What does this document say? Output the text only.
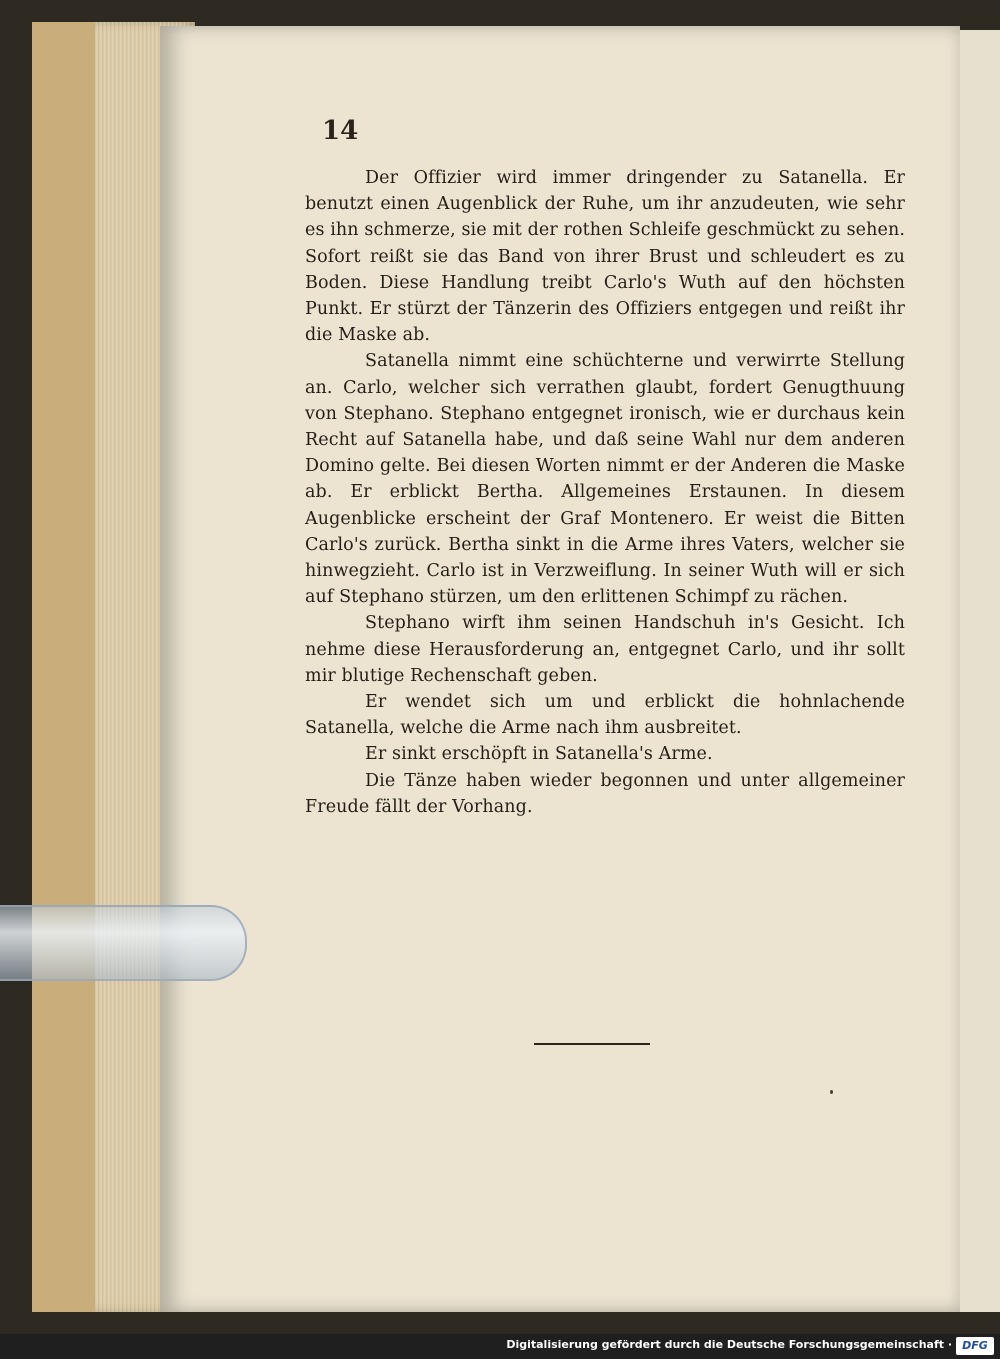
14

Der Offizier wird immer dringender zu Satanella. Er benutzt einen Augenblick der Ruhe, um ihr anzudeuten, wie sehr es ihn schmerze, sie mit der rothen Schleife geschmückt zu sehen. Sofort reißt sie das Band von ihrer Brust und schleudert es zu Boden. Diese Handlung treibt Carlo's Wuth auf den höchsten Punkt. Er stürzt der Tänzerin des Offiziers entgegen und reißt ihr die Maske ab.

Satanella nimmt eine schüchterne und verwirrte Stellung an. Carlo, welcher sich verrathen glaubt, fordert Genugthuung von Stephano. Stephano entgegnet ironisch, wie er durchaus kein Recht auf Satanella habe, und daß seine Wahl nur dem anderen Domino gelte. Bei diesen Worten nimmt er der Anderen die Maske ab. Er erblickt Bertha. Allgemeines Erstaunen. In diesem Augenblicke erscheint der Graf Montenero. Er weist die Bitten Carlo's zurück. Bertha sinkt in die Arme ihres Vaters, welcher sie hinwegzieht. Carlo ist in Verzweiflung. In seiner Wuth will er sich auf Stephano stürzen, um den erlittenen Schimpf zu rächen.

Stephano wirft ihm seinen Handschuh in's Gesicht. Ich nehme diese Herausforderung an, entgegnet Carlo, und ihr sollt mir blutige Rechenschaft geben.

Er wendet sich um und erblickt die hohnlachende Satanella, welche die Arme nach ihm ausbreitet.

Er sinkt erschöpft in Satanella's Arme.

Die Tänze haben wieder begonnen und unter allgemeiner Freude fällt der Vorhang.

Digitalisierung gefördert durch die Deutsche Forschungsgemeinschaft · DFG
